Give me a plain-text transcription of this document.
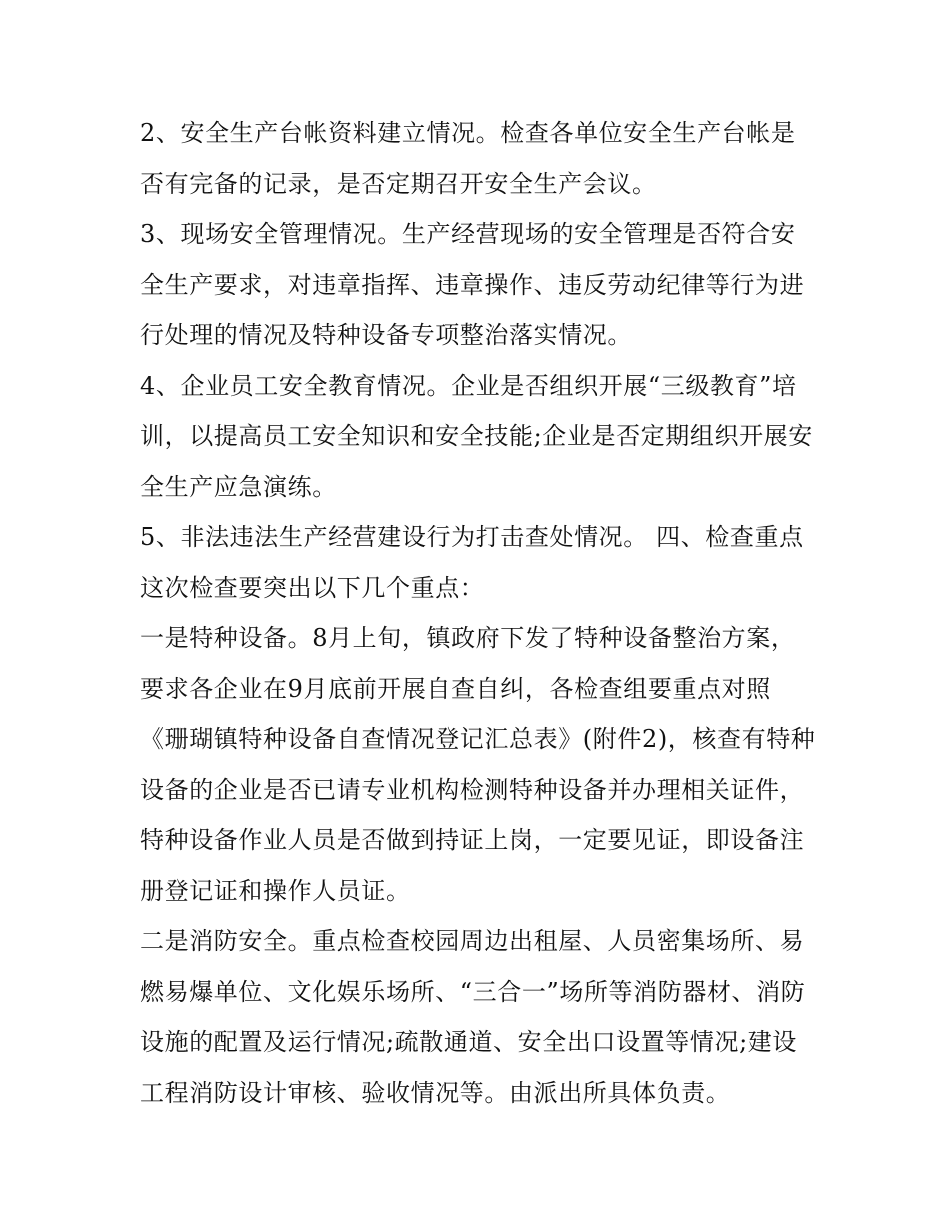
2、安全生产台帐资料建立情况。检查各单位安全生产台帐是否有完备的记录，是否定期召开安全生产会议。

3、现场安全管理情况。生产经营现场的安全管理是否符合安全生产要求，对违章指挥、违章操作、违反劳动纪律等行为进行处理的情况及特种设备专项整治落实情况。

4、企业员工安全教育情况。企业是否组织开展“三级教育”培训，以提高员工安全知识和安全技能;企业是否定期组织开展安全生产应急演练。

5、非法违法生产经营建设行为打击查处情况。 四、检查重点这次检查要突出以下几个重点：

一是特种设备。8月上旬，镇政府下发了特种设备整治方案，要求各企业在9月底前开展自查自纠，各检查组要重点对照《珊瑚镇特种设备自查情况登记汇总表》(附件2)，核查有特种设备的企业是否已请专业机构检测特种设备并办理相关证件，特种设备作业人员是否做到持证上岗，一定要见证，即设备注册登记证和操作人员证。

二是消防安全。重点检查校园周边出租屋、人员密集场所、易燃易爆单位、文化娱乐场所、“三合一”场所等消防器材、消防设施的配置及运行情况;疏散通道、安全出口设置等情况;建设工程消防设计审核、验收情况等。由派出所具体负责。
